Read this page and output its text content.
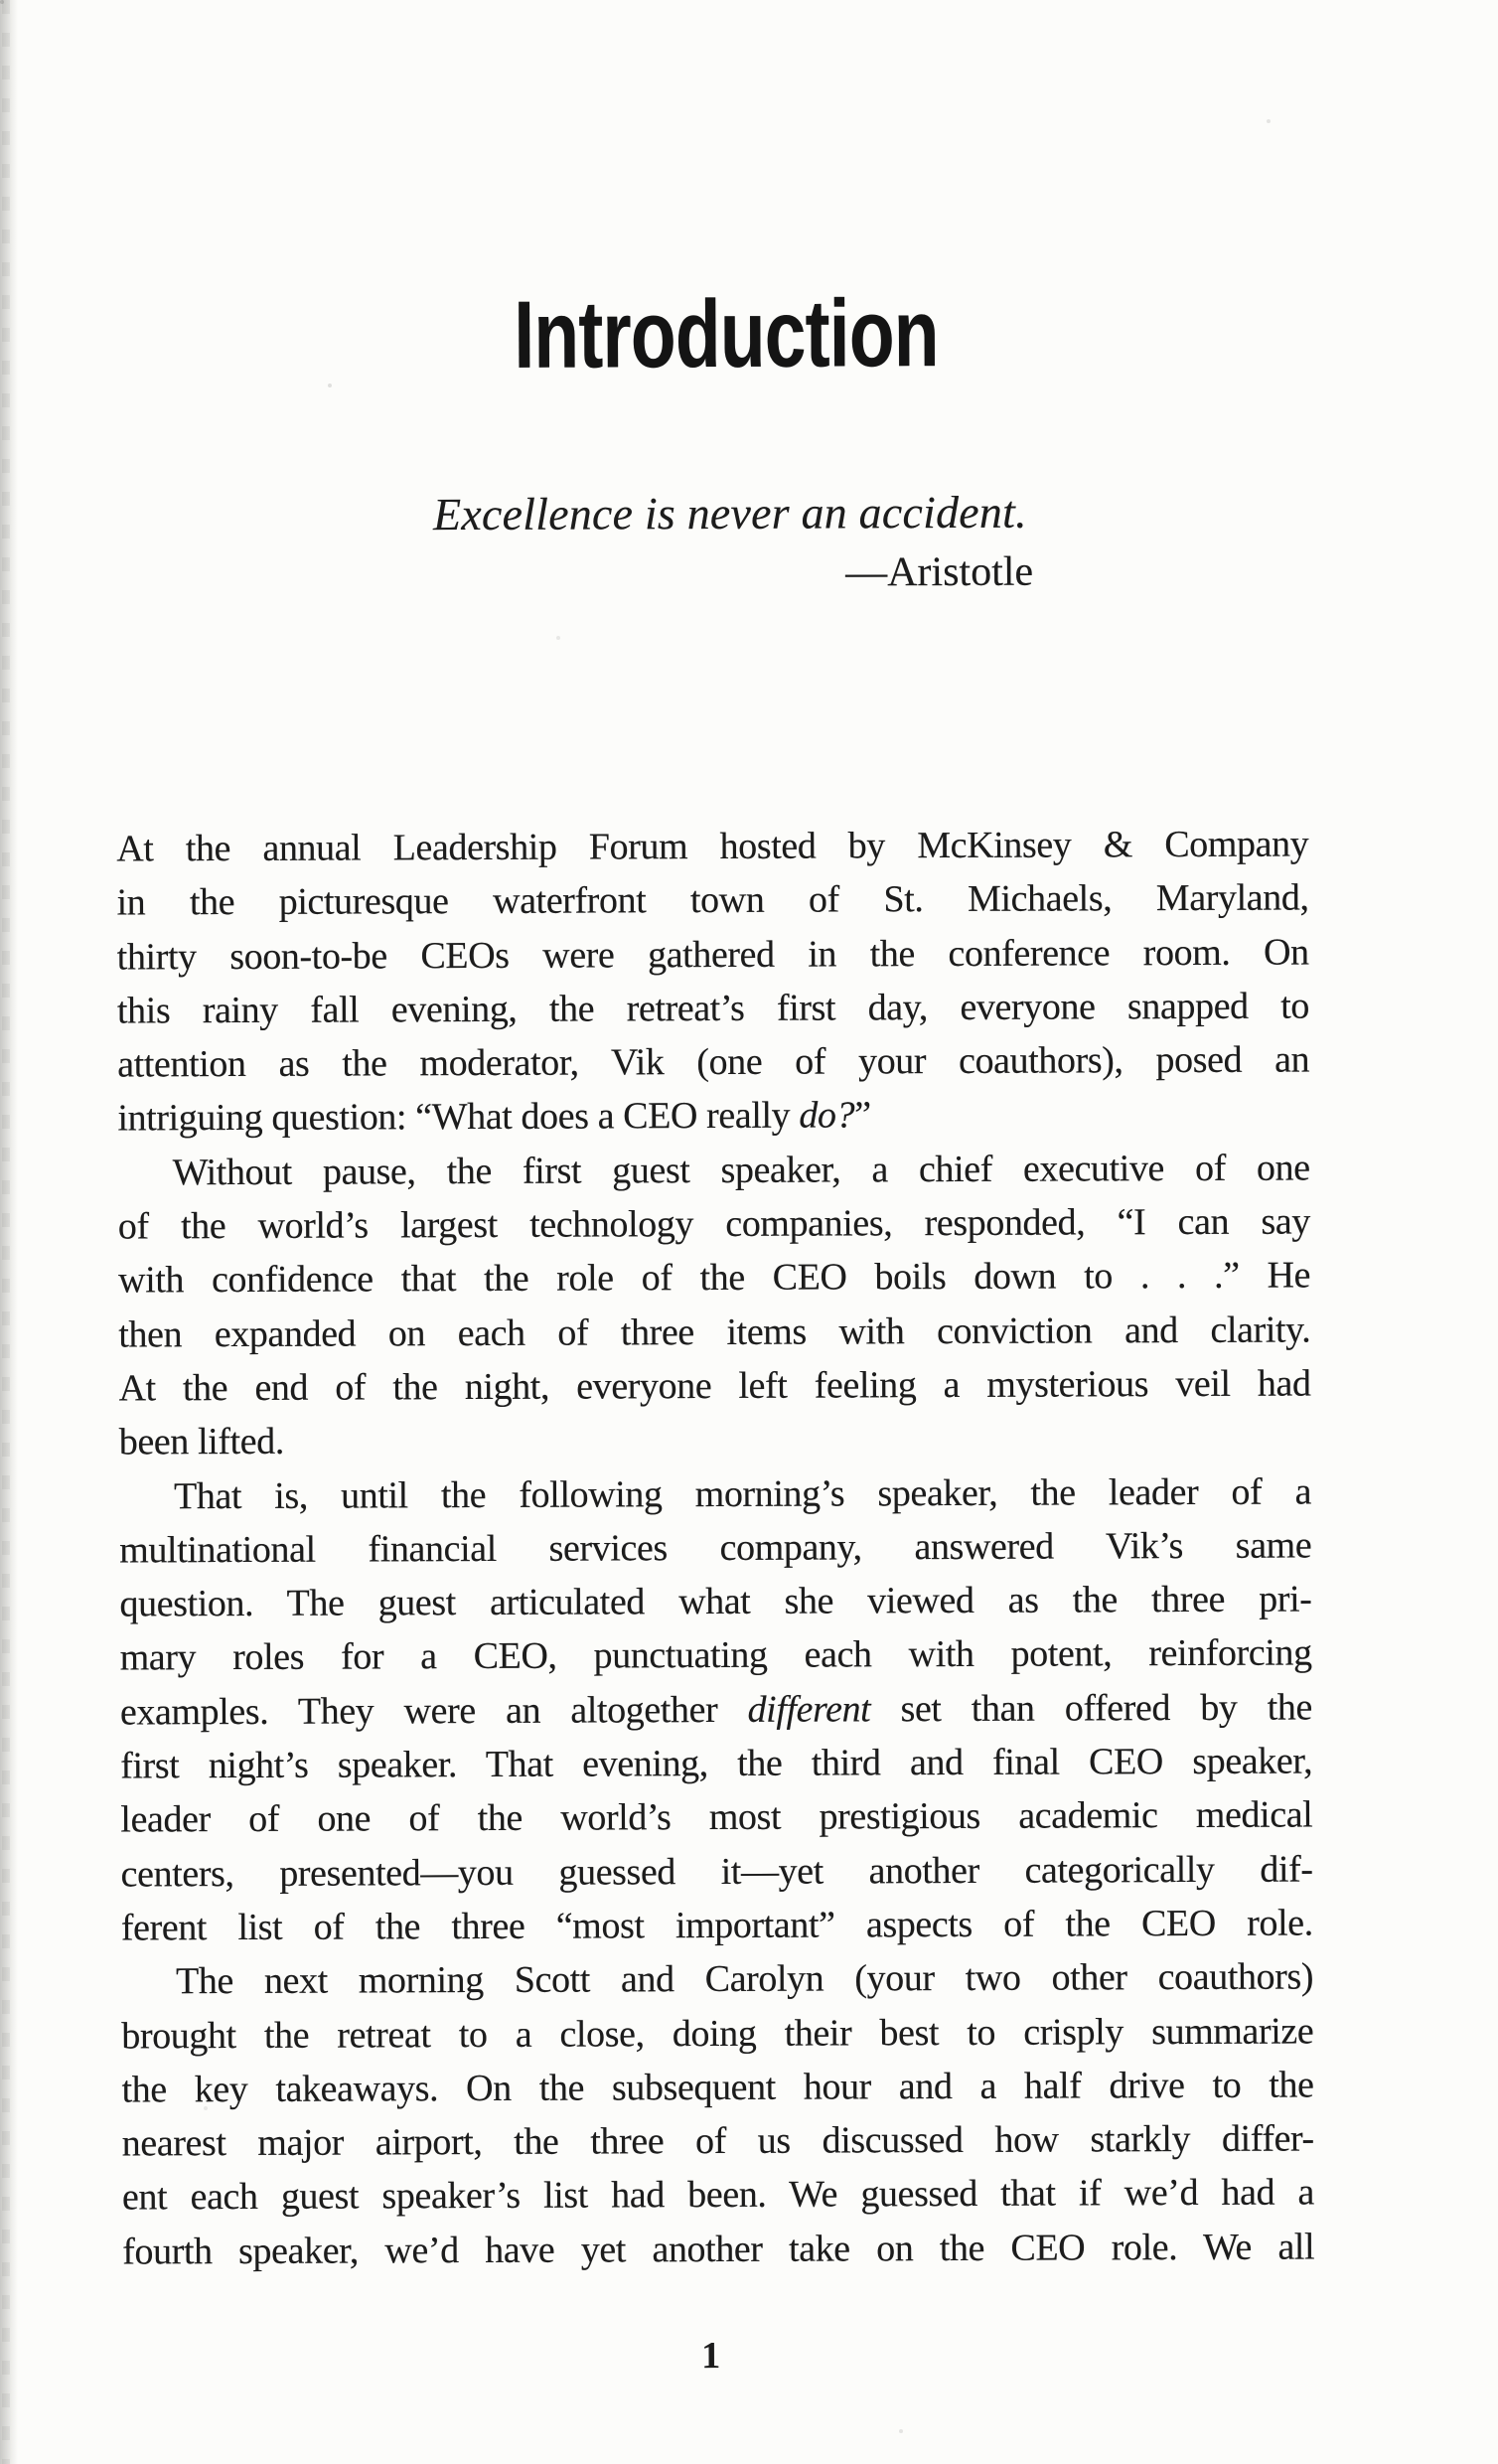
Introduction
Excellence is never an accident.
—Aristotle
At the annual Leadership Forum hosted by McKinsey & Company
in the picturesque waterfront town of St. Michaels, Maryland,
thirty soon-to-be CEOs were gathered in the conference room. On
this rainy fall evening, the retreat’s first day, everyone snapped to
attention as the moderator, Vik (one of your coauthors), posed an
intriguing question: “What does a CEO really do?”
Without pause, the first guest speaker, a chief executive of one
of the world’s largest technology companies, responded, “I can say
with confidence that the role of the CEO boils down to . . .” He
then expanded on each of three items with conviction and clarity.
At the end of the night, everyone left feeling a mysterious veil had
been lifted.
That is, until the following morning’s speaker, the leader of a
multinational financial services company, answered Vik’s same
question. The guest articulated what she viewed as the three pri-
mary roles for a CEO, punctuating each with potent, reinforcing
examples. They were an altogether different set than offered by the
first night’s speaker. That evening, the third and final CEO speaker,
leader of one of the world’s most prestigious academic medical
centers, presented—you guessed it—yet another categorically dif-
ferent list of the three “most important” aspects of the CEO role.
The next morning Scott and Carolyn (your two other coauthors)
brought the retreat to a close, doing their best to crisply summarize
the key takeaways. On the subsequent hour and a half drive to the
nearest major airport, the three of us discussed how starkly differ-
ent each guest speaker’s list had been. We guessed that if we’d had a
fourth speaker, we’d have yet another take on the CEO role. We all
1
